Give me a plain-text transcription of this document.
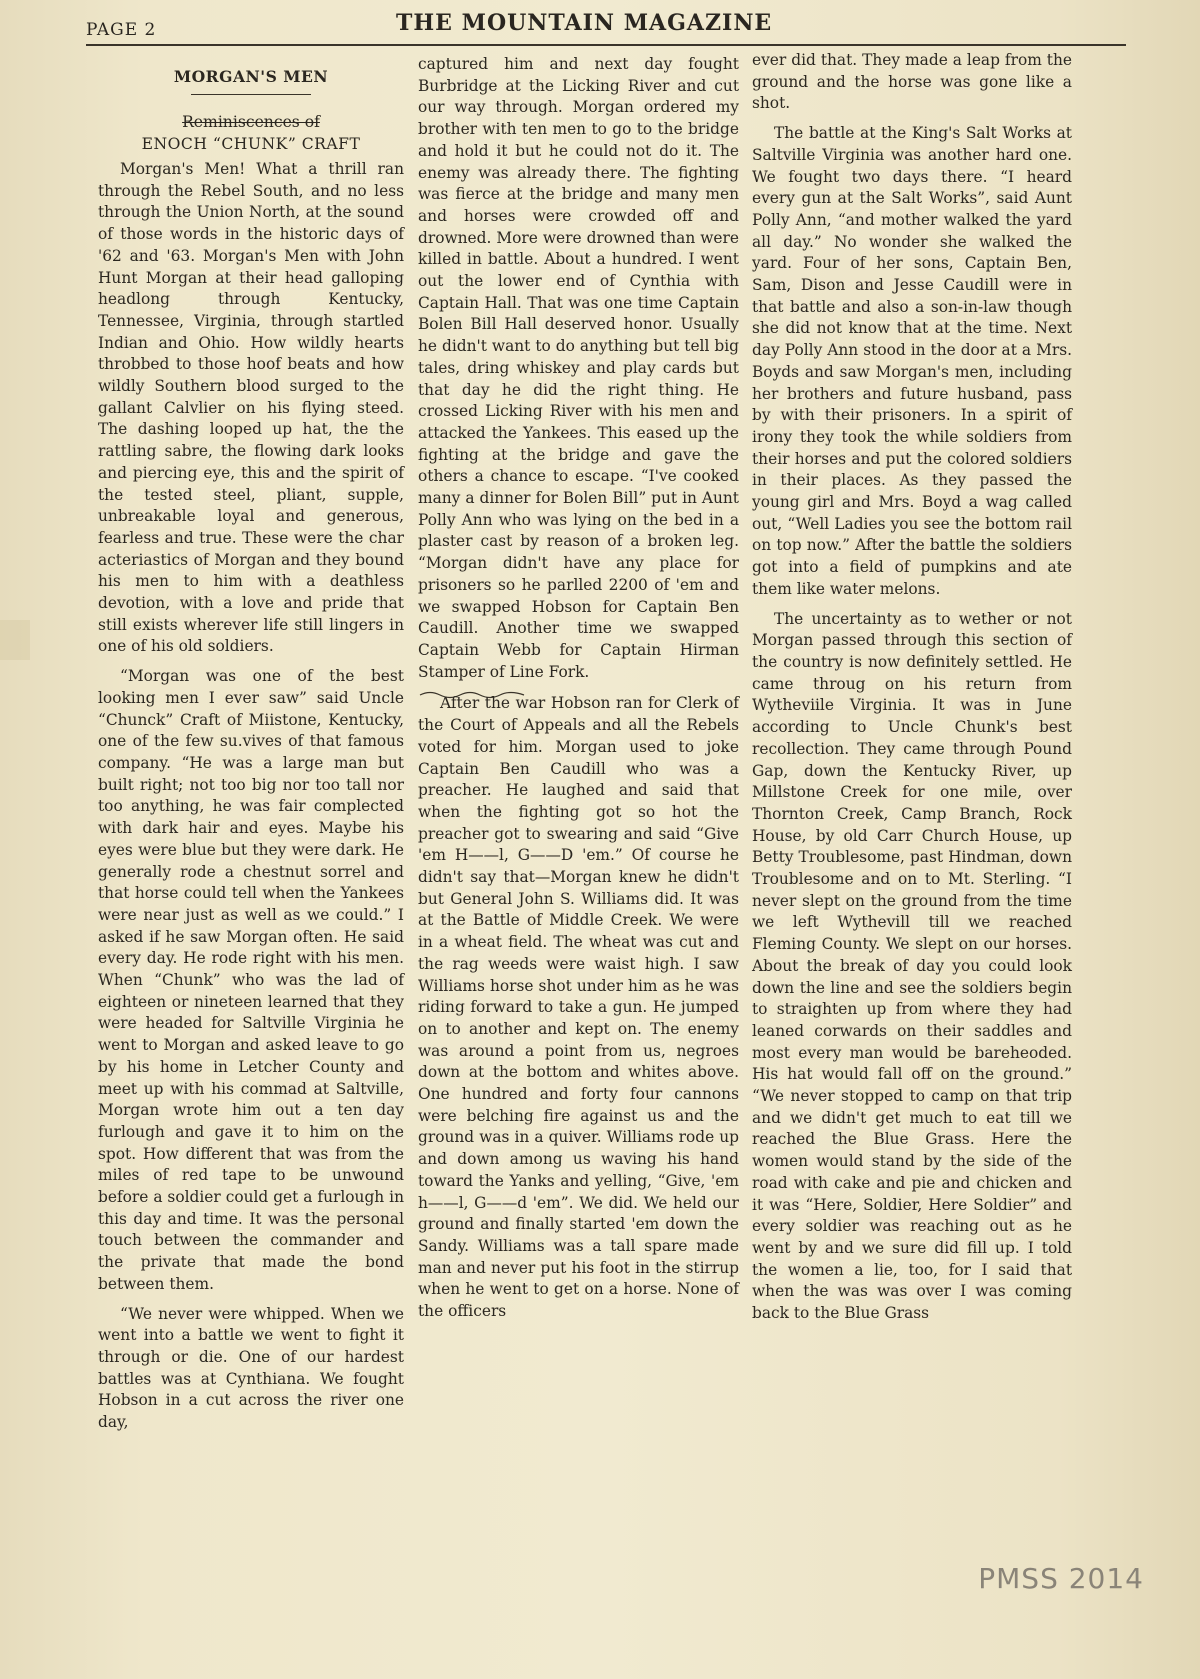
PAGE 2	THE MOUNTAIN MAGAZINE
MORGAN'S MEN
Reminiscences of
ENOCH “CHUNK” CRAFT

Morgan's Men! What a thrill ran through the Rebel South, and no less through the Union North, at the sound of those words in the historic days of '62 and '63. Morgan's Men with John Hunt Morgan at their head galloping headlong through Kentucky, Tennessee, Virginia, through startled Indian and Ohio. How wildly hearts throbbed to those hoof beats and how wildly Southern blood surged to the gallant Calvlier on his flying steed. The dashing looped up hat, the the rattling sabre, the flowing dark looks and piercing eye, this and the spirit of the tested steel, pliant, supple, unbreakable loyal and generous, fearless and true. These were the char acteriastics of Morgan and they bound his men to him with a deathless devotion, with a love and pride that still exists wherever life still lingers in one of his old soldiers.

“Morgan was one of the best looking men I ever saw” said Uncle “Chunck” Craft of Miistone, Kentucky, one of the few su.vives of that famous company. “He was a large man but built right; not too big nor too tall nor too anything, he was fair complected with dark hair and eyes. Maybe his eyes were blue but they were dark. He generally rode a chestnut sorrel and that horse could tell when the Yankees were near just as well as we could.” I asked if he saw Morgan often. He said every day. He rode right with his men. When “Chunk” who was the lad of eighteen or nineteen learned that they were headed for Saltville Virginia he went to Morgan and asked leave to go by his home in Letcher County and meet up with his commad at Saltville, Morgan wrote him out a ten day furlough and gave it to him on the spot. How different that was from the miles of red tape to be unwound before a soldier could get a furlough in this day and time. It was the personal touch between the commander and the private that made the bond between them.

“We never were whipped. When we went into a battle we went to fight it through or die. One of our hardest battles was at Cynthiana. We fought Hobson in a cut across the river one day,

captured him and next day fought Burbridge at the Licking River and cut our way through. Morgan ordered my brother with ten men to go to the bridge and hold it but he could not do it. The enemy was already there. The fighting was fierce at the bridge and many men and horses were crowded off and drowned. More were drowned than were killed in battle. About a hundred. I went out the lower end of Cynthia with Captain Hall. That was one time Captain Bolen Bill Hall deserved honor. Usually he didn't want to do anything but tell big tales, dring whiskey and play cards but that day he did the right thing. He crossed Licking River with his men and attacked the Yankees. This eased up the fighting at the bridge and gave the others a chance to escape. “I've cooked many a dinner for Bolen Bill” put in Aunt Polly Ann who was lying on the bed in a plaster cast by reason of a broken leg. “Morgan didn't have any place for prisoners so he parlled 2200 of 'em and we swapped Hobson for Captain Ben Caudill. Another time we swapped Captain Webb for Captain Hirman Stamper of Line Fork.

After the war Hobson ran for Clerk of the Court of Appeals and all the Rebels voted for him. Morgan used to joke Captain Ben Caudill who was a preacher. He laughed and said that when the fighting got so hot the preacher got to swearing and said “Give 'em H——l, G——D 'em.” Of course he didn't say that—Morgan knew he didn't but General John S. Williams did. It was at the Battle of Middle Creek. We were in a wheat field. The wheat was cut and the rag weeds were waist high. I saw Williams horse shot under him as he was riding forward to take a gun. He jumped on to another and kept on. The enemy was around a point from us, negroes down at the bottom and whites above. One hundred and forty four cannons were belching fire against us and the ground was in a quiver. Williams rode up and down among us waving his hand toward the Yanks and yelling, “Give, 'em h——l, G——d 'em”. We did. We held our ground and finally started 'em down the Sandy. Williams was a tall spare made man and never put his foot in the stirrup when he went to get on a horse. None of the officers

ever did that. They made a leap from the ground and the horse was gone like a shot.

The battle at the King's Salt Works at Saltville Virginia was another hard one. We fought two days there. “I heard every gun at the Salt Works”, said Aunt Polly Ann, “and mother walked the yard all day.” No wonder she walked the yard. Four of her sons, Captain Ben, Sam, Dison and Jesse Caudill were in that battle and also a son-in-law though she did not know that at the time. Next day Polly Ann stood in the door at a Mrs. Boyds and saw Morgan's men, including her brothers and future husband, pass by with their prisoners. In a spirit of irony they took the while soldiers from their horses and put the colored soldiers in their places. As they passed the young girl and Mrs. Boyd a wag called out, “Well Ladies you see the bottom rail on top now.” After the battle the soldiers got into a field of pumpkins and ate them like water melons.

The uncertainty as to wether or not Morgan passed through this section of the country is now definitely settled. He came throug on his return from Wytheviile Virginia. It was in June according to Uncle Chunk's best recollection. They came through Pound Gap, down the Kentucky River, up Millstone Creek for one mile, over Thornton Creek, Camp Branch, Rock House, by old Carr Church House, up Betty Troublesome, past Hindman, down Troublesome and on to Mt. Sterling. “I never slept on the ground from the time we left Wythevill till we reached Fleming County. We slept on our horses. About the break of day you could look down the line and see the soldiers begin to straighten up from where they had leaned corwards on their saddles and most every man would be bareheoded. His hat would fall off on the ground.” “We never stopped to camp on that trip and we didn't get much to eat till we reached the Blue Grass. Here the women would stand by the side of the road with cake and pie and chicken and it was “Here, Soldier, Here Soldier” and every soldier was reaching out as he went by and we sure did fill up. I told the women a lie, too, for I said that when the was was over I was coming back to the Blue Grass

PMSS 2014
